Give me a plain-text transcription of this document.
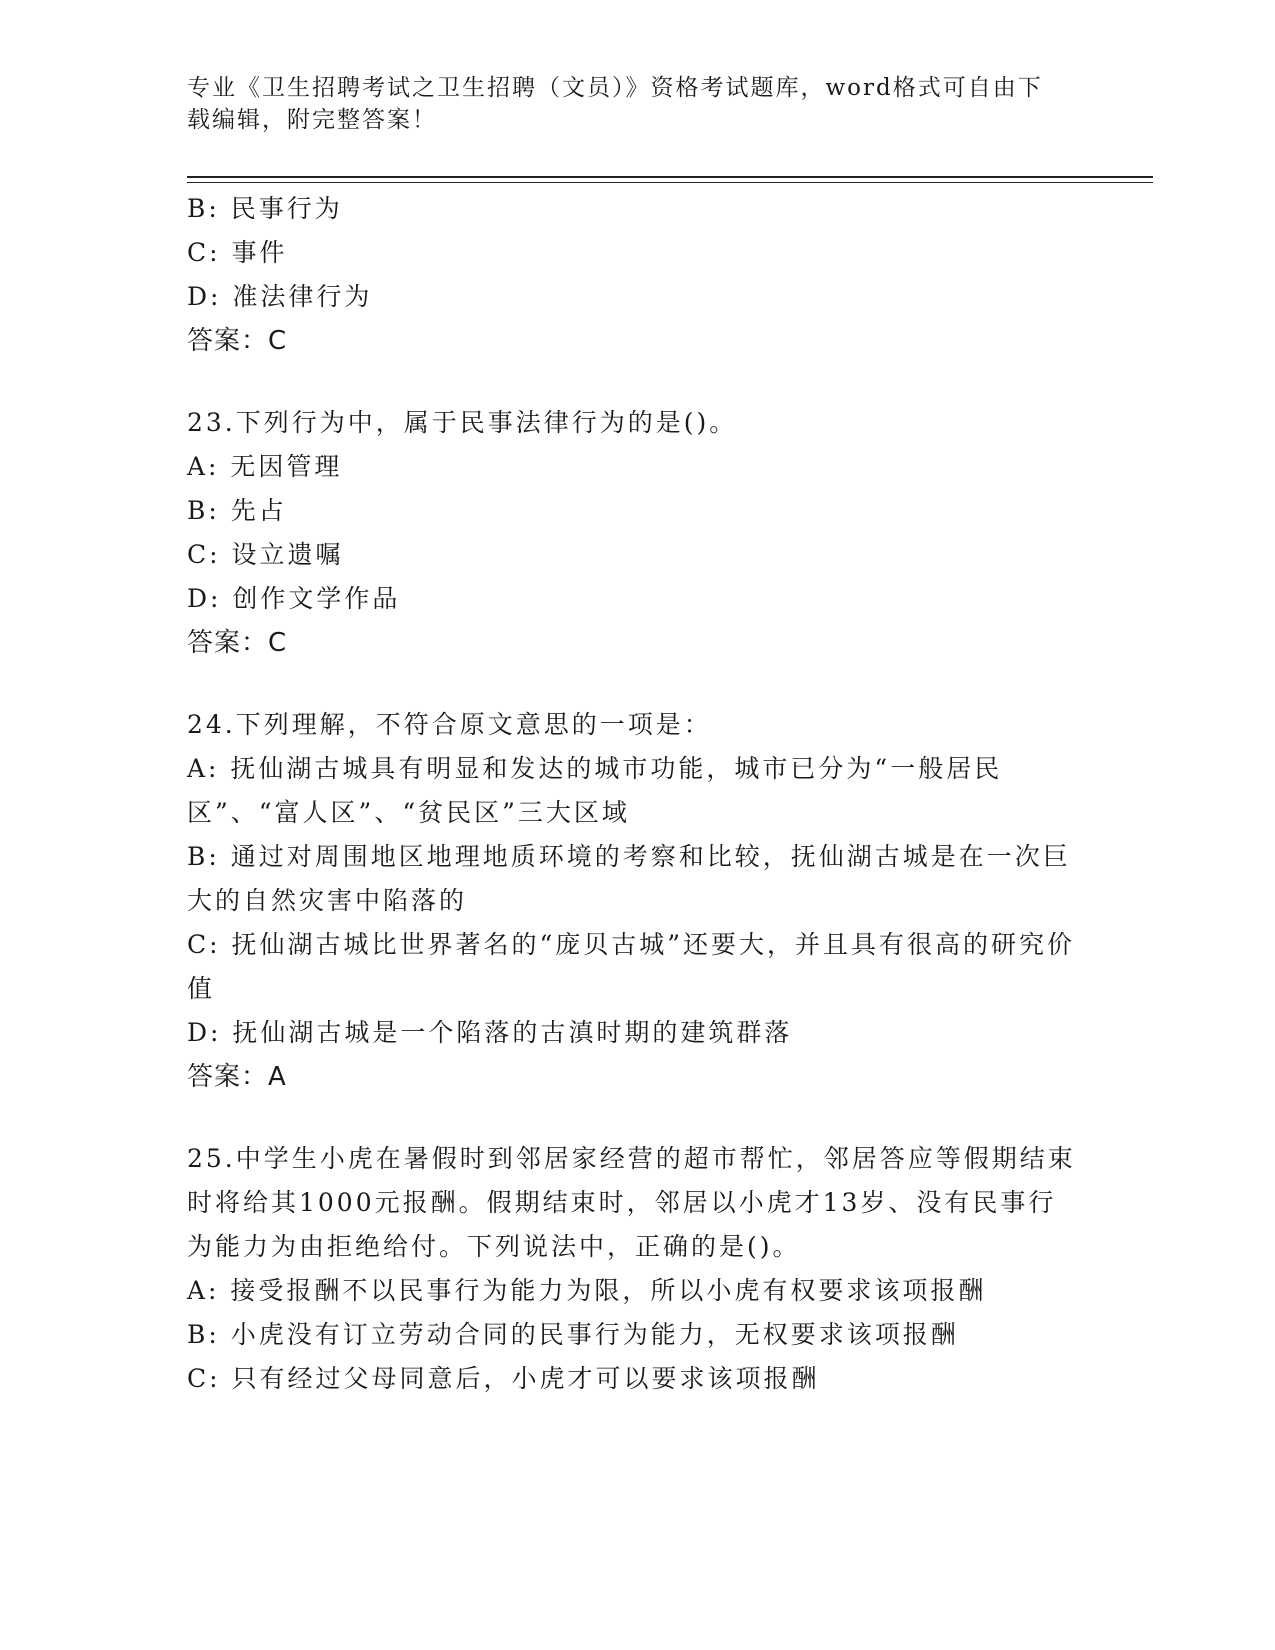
专业《卫生招聘考试之卫生招聘（文员）》资格考试题库，word格式可自由下载编辑，附完整答案！
B: 民事行为
C: 事件
D: 准法律行为
答案：C
23.下列行为中，属于民事法律行为的是()。
A: 无因管理
B: 先占
C: 设立遗嘱
D: 创作文学作品
答案：C
24.下列理解，不符合原文意思的一项是：
A: 抚仙湖古城具有明显和发达的城市功能，城市已分为“一般居民区”、“富人区”、“贫民区”三大区域
B: 通过对周围地区地理地质环境的考察和比较，抚仙湖古城是在一次巨大的自然灾害中陷落的
C: 抚仙湖古城比世界著名的“庞贝古城”还要大，并且具有很高的研究价值
D: 抚仙湖古城是一个陷落的古滇时期的建筑群落
答案：A
25.中学生小虎在暑假时到邻居家经营的超市帮忙，邻居答应等假期结束时将给其1000元报酬。假期结束时，邻居以小虎才13岁、没有民事行为能力为由拒绝给付。下列说法中，正确的是()。
A: 接受报酬不以民事行为能力为限，所以小虎有权要求该项报酬
B: 小虎没有订立劳动合同的民事行为能力，无权要求该项报酬
C: 只有经过父母同意后，小虎才可以要求该项报酬
